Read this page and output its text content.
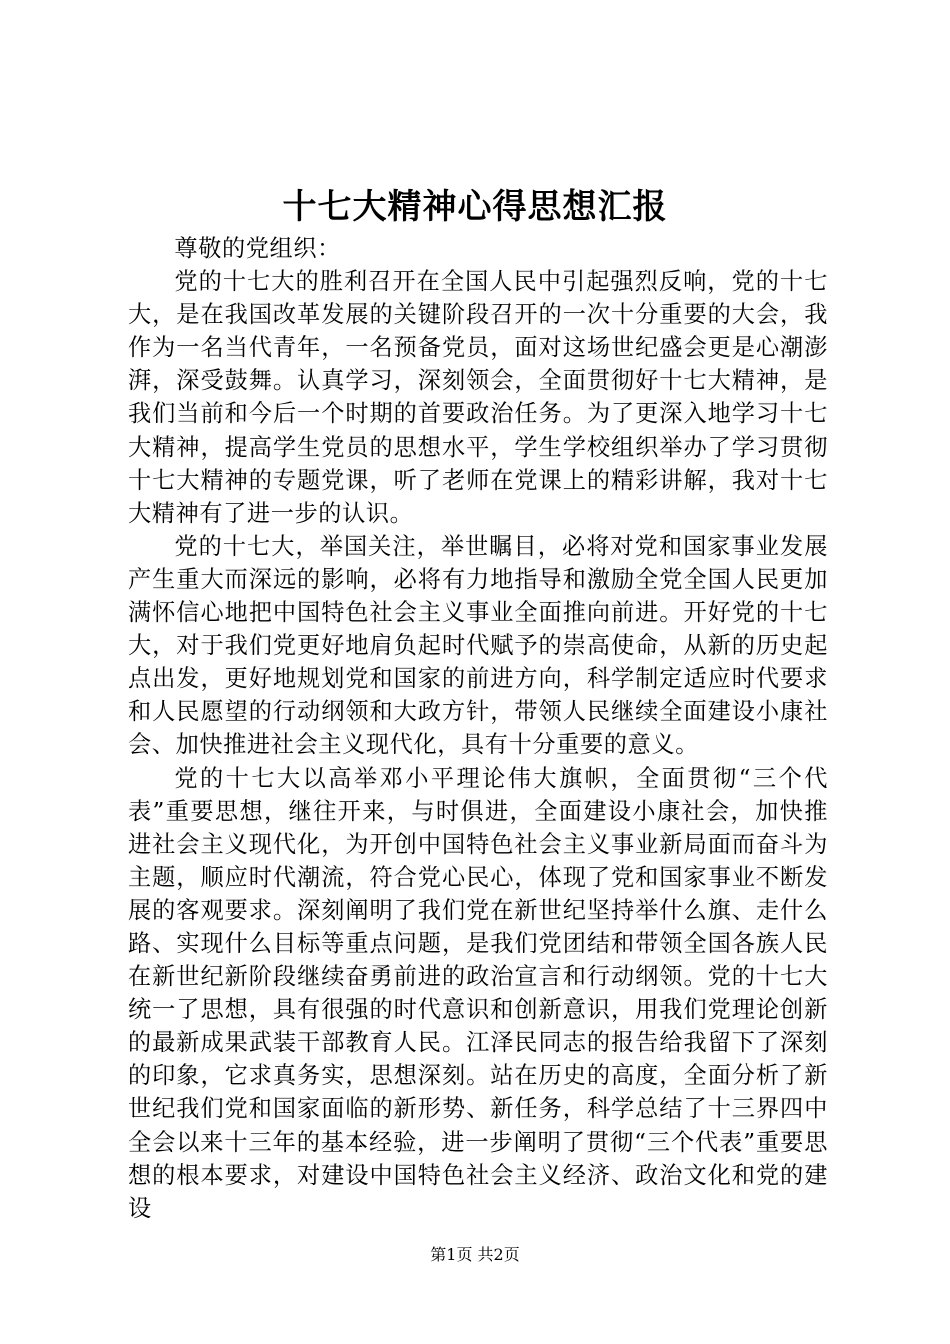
十七大精神心得思想汇报

尊敬的党组织：

党的十七大的胜利召开在全国人民中引起强烈反响，党的十七大，是在我国改革发展的关键阶段召开的一次十分重要的大会，我作为一名当代青年，一名预备党员，面对这场世纪盛会更是心潮澎湃，深受鼓舞。认真学习，深刻领会，全面贯彻好十七大精神，是我们当前和今后一个时期的首要政治任务。为了更深入地学习十七大精神，提高学生党员的思想水平，学生学校组织举办了学习贯彻十七大精神的专题党课，听了老师在党课上的精彩讲解，我对十七大精神有了进一步的认识。

党的十七大，举国关注，举世瞩目，必将对党和国家事业发展产生重大而深远的影响，必将有力地指导和激励全党全国人民更加满怀信心地把中国特色社会主义事业全面推向前进。开好党的十七大，对于我们党更好地肩负起时代赋予的崇高使命，从新的历史起点出发，更好地规划党和国家的前进方向，科学制定适应时代要求和人民愿望的行动纲领和大政方针，带领人民继续全面建设小康社会、加快推进社会主义现代化，具有十分重要的意义。

党的十七大以高举邓小平理论伟大旗帜，全面贯彻“三个代表”重要思想，继往开来，与时俱进，全面建设小康社会，加快推进社会主义现代化，为开创中国特色社会主义事业新局面而奋斗为主题，顺应时代潮流，符合党心民心，体现了党和国家事业不断发展的客观要求。深刻阐明了我们党在新世纪坚持举什么旗、走什么路、实现什么目标等重点问题，是我们党团结和带领全国各族人民在新世纪新阶段继续奋勇前进的政治宣言和行动纲领。党的十七大统一了思想，具有很强的时代意识和创新意识，用我们党理论创新的最新成果武装干部教育人民。江泽民同志的报告给我留下了深刻的印象，它求真务实，思想深刻。站在历史的高度，全面分析了新世纪我们党和国家面临的新形势、新任务，科学总结了十三界四中全会以来十三年的基本经验，进一步阐明了贯彻“三个代表”重要思想的根本要求，对建设中国特色社会主义经济、政治文化和党的建设

第1页 共2页
